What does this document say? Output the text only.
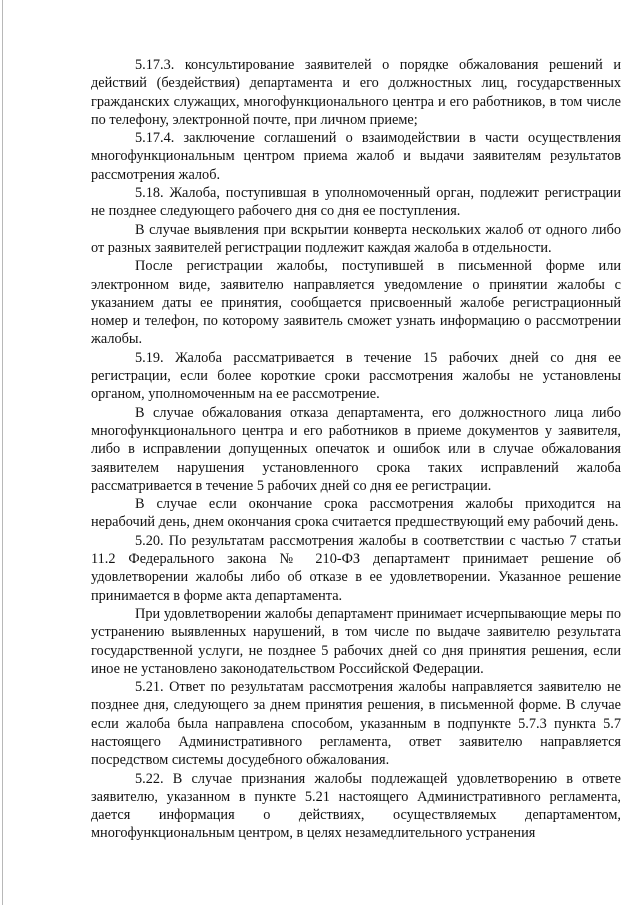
5.17.3. консультирование заявителей о порядке обжалования решений и действий (бездействия) департамента и его должностных лиц, государственных гражданских служащих, многофункционального центра и его работников, в том числе по телефону, электронной почте, при личном приеме;

5.17.4. заключение соглашений о взаимодействии в части осуществления многофункциональным центром приема жалоб и выдачи заявителям результатов рассмотрения жалоб.

5.18. Жалоба, поступившая в уполномоченный орган, подлежит регистрации не позднее следующего рабочего дня со дня ее поступления.

В случае выявления при вскрытии конверта нескольких жалоб от одного либо от разных заявителей регистрации подлежит каждая жалоба в отдельности.

После регистрации жалобы, поступившей в письменной форме или электронном виде, заявителю направляется уведомление о принятии жалобы с указанием даты ее принятия, сообщается присвоенный жалобе регистрационный номер и телефон, по которому заявитель сможет узнать информацию о рассмотрении жалобы.

5.19. Жалоба рассматривается в течение 15 рабочих дней со дня ее регистрации, если более короткие сроки рассмотрения жалобы не установлены органом, уполномоченным на ее рассмотрение.

В случае обжалования отказа департамента, его должностного лица либо многофункционального центра и его работников в приеме документов у заявителя, либо в исправлении допущенных опечаток и ошибок или в случае обжалования заявителем нарушения установленного срока таких исправлений жалоба рассматривается в течение 5 рабочих дней со дня ее регистрации.

В случае если окончание срока рассмотрения жалобы приходится на нерабочий день, днем окончания срока считается предшествующий ему рабочий день.

5.20. По результатам рассмотрения жалобы в соответствии с частью 7 статьи 11.2 Федерального закона № 210-ФЗ департамент принимает решение об удовлетворении жалобы либо об отказе в ее удовлетворении. Указанное решение принимается в форме акта департамента.

При удовлетворении жалобы департамент принимает исчерпывающие меры по устранению выявленных нарушений, в том числе по выдаче заявителю результата государственной услуги, не позднее 5 рабочих дней со дня принятия решения, если иное не установлено законодательством Российской Федерации.

5.21. Ответ по результатам рассмотрения жалобы направляется заявителю не позднее дня, следующего за днем принятия решения, в письменной форме. В случае если жалоба была направлена способом, указанным в подпункте 5.7.3 пункта 5.7 настоящего Административного регламента, ответ заявителю направляется посредством системы досудебного обжалования.

5.22. В случае признания жалобы подлежащей удовлетворению в ответе заявителю, указанном в пункте 5.21 настоящего Административного регламента, дается информация о действиях, осуществляемых департаментом, многофункциональным центром, в целях незамедлительного устранения
